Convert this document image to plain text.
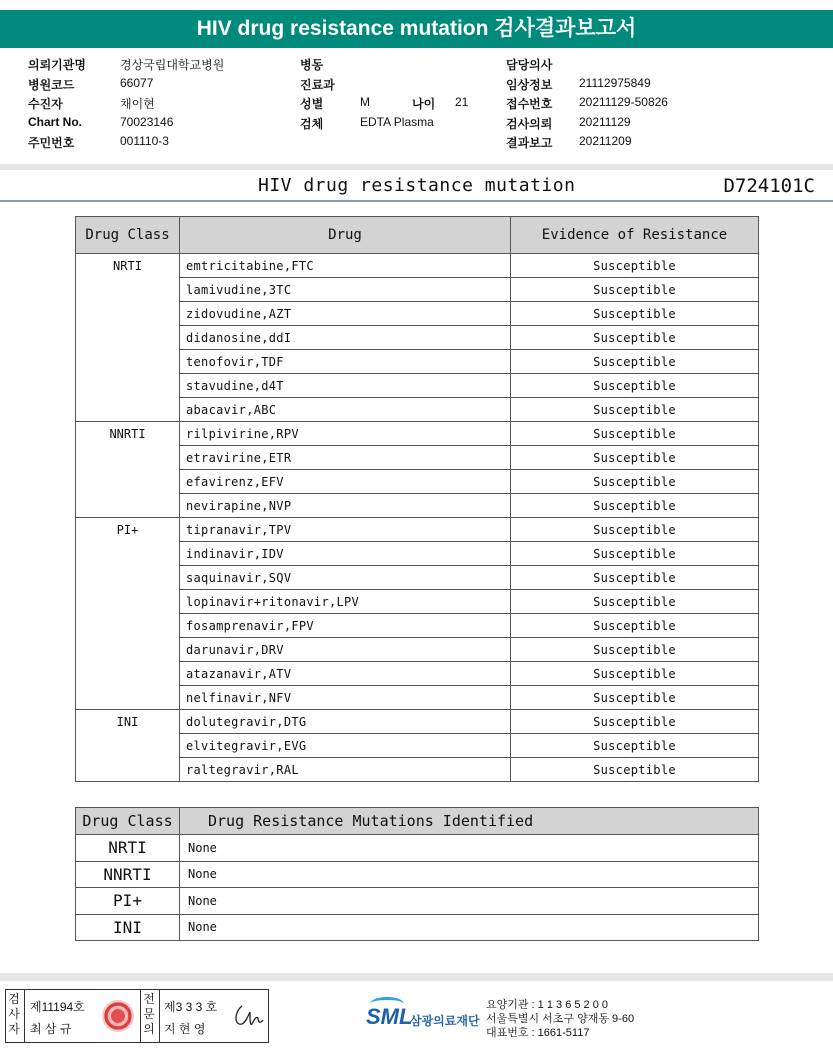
HIV drug resistance mutation 검사결과보고서
의뢰기관명	경상국립대학교병원
병원코드	66077
수진자	채이현
Chart No.	70023146
주민번호	001110-3
병동
진료과
성별	M	나이 21
검체	EDTA Plasma
담당의사
임상정보 21112975849
접수번호 20211129-50826
검사의뢰 20211129
결과보고 20211209
HIV drug resistance mutation	D724101C
Drug Class	Drug	Evidence of Resistance
NRTI	emtricitabine,FTC	Susceptible
	lamivudine,3TC	Susceptible
	zidovudine,AZT	Susceptible
	didanosine,ddI	Susceptible
	tenofovir,TDF	Susceptible
	stavudine,d4T	Susceptible
	abacavir,ABC	Susceptible
NNRTI	rilpivirine,RPV	Susceptible
	etravirine,ETR	Susceptible
	efavirenz,EFV	Susceptible
	nevirapine,NVP	Susceptible
PI+	tipranavir,TPV	Susceptible
	indinavir,IDV	Susceptible
	saquinavir,SQV	Susceptible
	lopinavir+ritonavir,LPV	Susceptible
	fosamprenavir,FPV	Susceptible
	darunavir,DRV	Susceptible
	atazanavir,ATV	Susceptible
	nelfinavir,NFV	Susceptible
INI	dolutegravir,DTG	Susceptible
	elvitegravir,EVG	Susceptible
	raltegravir,RAL	Susceptible
Drug Class	Drug Resistance Mutations Identified
NRTI	None
NNRTI	None
PI+	None
INI	None
검사자
제11194호
최 삼 규
전문의
제3 3 3 호
지 현 영	SML
삼광의료재단
요양기관 : 1 1 3 6 5 2 0 0
서울특별시 서초구 양재동 9-60
대표번호 : 1661-5117
